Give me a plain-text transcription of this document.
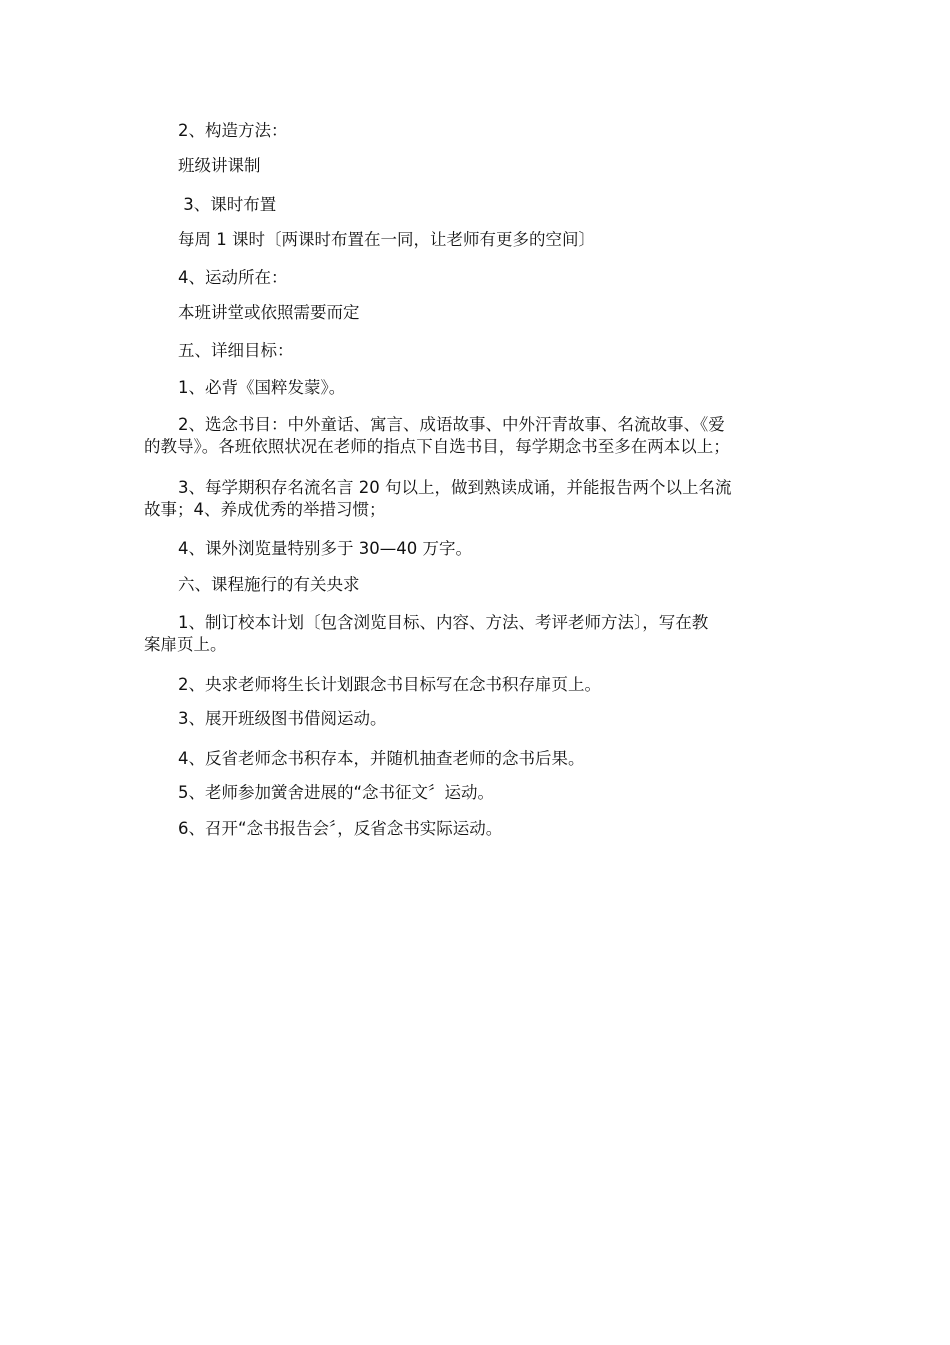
2、构造方法：
班级讲课制
3、课时布置
每周 1 课时〔两课时布置在一同，让老师有更多的空间〕
4、运动所在：
本班讲堂或依照需要而定
五、详细目标：
1、必背《国粹发蒙》。
2、选念书目：中外童话、寓言、成语故事、中外汗青故事、名流故事、《爱
的教导》。各班依照状况在老师的指点下自选书目，每学期念书至多在两本以上；
3、每学期积存名流名言 20 句以上，做到熟读成诵，并能报告两个以上名流
故事；4、养成优秀的举措习惯；
4、课外浏览量特别多于 30—40 万字。
六、课程施行的有关央求
1、制订校本计划〔包含浏览目标、内容、方法、考评老师方法〕，写在教
案扉页上。
2、央求老师将生长计划跟念书目标写在念书积存扉页上。
3、展开班级图书借阅运动。
4、反省老师念书积存本，并随机抽查老师的念书后果。
5、老师参加黉舍进展的“念书征文〞运动。
6、召开“念书报告会〞，反省念书实际运动。
